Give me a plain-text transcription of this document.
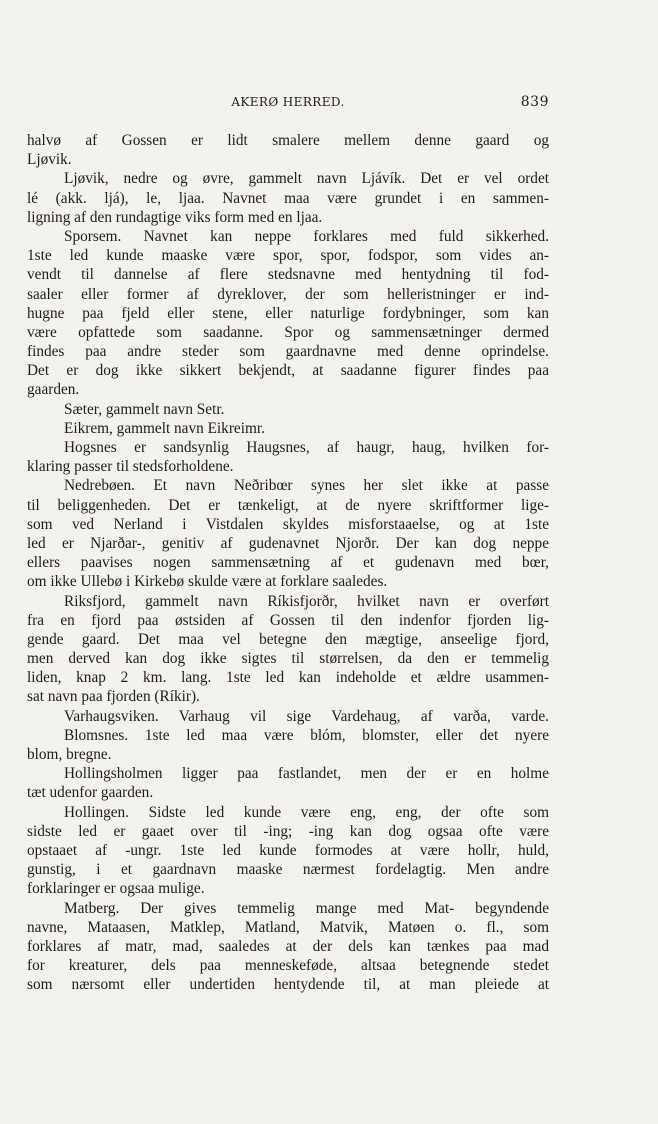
AKERØ HERRED.	839
halvø af Gossen er lidt smalere mellem denne gaard og
Ljøvik.
Ljøvik, nedre og øvre, gammelt navn Ljávík. Det er vel ordet
lé (akk. ljá), le, ljaa. Navnet maa være grundet i en sammen-
ligning af den rundagtige viks form med en ljaa.
Sporsem. Navnet kan neppe forklares med fuld sikkerhed.
1ste led kunde maaske være spor, spor, fodspor, som vides an-
vendt til dannelse af flere stedsnavne med hentydning til fod-
saaler eller former af dyreklover, der som helleristninger er ind-
hugne paa fjeld eller stene, eller naturlige fordybninger, som kan
være opfattede som saadanne. Spor og sammensætninger dermed
findes paa andre steder som gaardnavne med denne oprindelse.
Det er dog ikke sikkert bekjendt, at saadanne figurer findes paa
gaarden.
Sæter, gammelt navn Setr.
Eikrem, gammelt navn Eikreimr.
Hogsnes er sandsynlig Haugsnes, af haugr, haug, hvilken for-
klaring passer til stedsforholdene.
Nedrebøen. Et navn Neðribœr synes her slet ikke at passe
til beliggenheden. Det er tænkeligt, at de nyere skriftformer lige-
som ved Nerland i Vistdalen skyldes misforstaaelse, og at 1ste
led er Njarðar-, genitiv af gudenavnet Njorðr. Der kan dog neppe
ellers paavises nogen sammensætning af et gudenavn med bœr,
om ikke Ullebø i Kirkebø skulde være at forklare saaledes.
Riksfjord, gammelt navn Ríkisfjorðr, hvilket navn er overført
fra en fjord paa østsiden af Gossen til den indenfor fjorden lig-
gende gaard. Det maa vel betegne den mægtige, anseelige fjord,
men derved kan dog ikke sigtes til størrelsen, da den er temmelig
liden, knap 2 km. lang. 1ste led kan indeholde et ældre usammen-
sat navn paa fjorden (Ríkir).
Varhaugsviken. Varhaug vil sige Vardehaug, af varða, varde.
Blomsnes. 1ste led maa være blóm, blomster, eller det nyere
blom, bregne.
Hollingsholmen ligger paa fastlandet, men der er en holme
tæt udenfor gaarden.
Hollingen. Sidste led kunde være eng, eng, der ofte som
sidste led er gaaet over til -ing; -ing kan dog ogsaa ofte være
opstaaet af -ungr. 1ste led kunde formodes at være hollr, huld,
gunstig, i et gaardnavn maaske nærmest fordelagtig. Men andre
forklaringer er ogsaa mulige.
Matberg. Der gives temmelig mange med Mat- begyndende
navne, Mataasen, Matklep, Matland, Matvik, Matøen o. fl., som
forklares af matr, mad, saaledes at der dels kan tænkes paa mad
for kreaturer, dels paa menneskeføde, altsaa betegnende stedet
som nærsomt eller undertiden hentydende til, at man pleiede at
